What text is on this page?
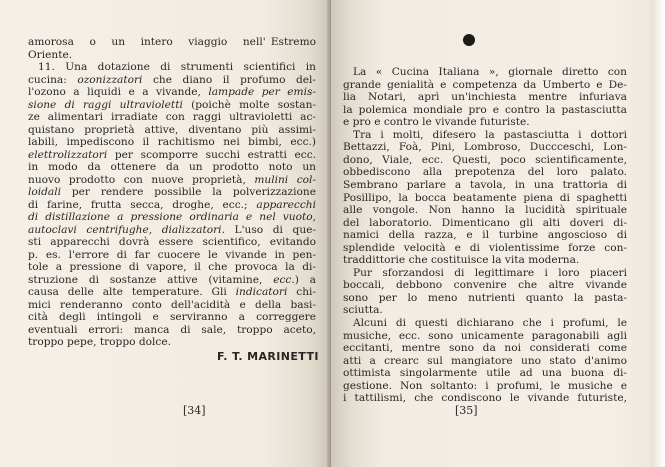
amorosa   o   un   intero   viaggio   nell' Estremo
Oriente.
11. Una dotazione di strumenti scientifici in
cucina: ozonizzatori che diano il profumo del-
l'ozono a liquidi e a vivande, lampade per emis-
sione di raggi ultravioletti (poichè molte sostan-
ze alimentari irradiate con raggi ultravioletti ac-
quistano proprietà attive, diventano più assimi-
labili, impediscono il rachitismo nei bimbi, ecc.)
elettrolizzatori per scomporre succhi estratti ecc.
in modo da ottenere da un prodotto noto un
nuovo prodotto con nuove proprietà, mulini col-
loidali per rendere possibile la polverizzazione
di farine, frutta secca, droghe, ecc.; apparecchi
di distillazione a pressione ordinaria e nel vuoto,
autoclavi centrifughe, dializzatori. L'uso di que-
sti apparecchi dovrà essere scientifico, evitando
p. es. l'errore di far cuocere le vivande in pen-
tole a pressione di vapore, il che provoca la di-
struzione di sostanze attive (vitamine, ecc.) a
causa delle alte temperature. Gli indicatori chi-
mici renderanno conto dell'acidità e della basi-
cità degli intingoli e serviranno a correggere
eventuali errori: manca di sale, troppo aceto,
troppo pepe, troppo dolce.
F. T. MARINETTI
[34]
La « Cucina Italiana », giornale diretto con
grande genialità e competenza da Umberto e De-
lia Notari, aprì un'inchiesta mentre infuriava
la polemica mondiale pro e contro la pastasciutta
e pro e contro le vivande futuriste.
Tra i molti, difesero la pastasciutta i dottori
Bettazzi, Foà, Pini, Lombroso, Duccceschi, Lon-
dono, Viale, ecc. Questi, poco scientificamente,
obbediscono alla prepotenza del loro palato.
Sembrano parlare a tavola, in una trattoria di
Posillipo, la bocca beatamente piena di spaghetti
alle vongole. Non hanno la lucidità spirituale
del laboratorio. Dimenticano gli alti doveri di-
namici della razza, e il turbine angoscioso di
splendide velocità e di violentissime forze con-
traddittorie che costituisce la vita moderna.
Pur sforzandosi di legittimare i loro piaceri
boccali, debbono convenire che altre vivande
sono per lo meno nutrienti quanto la pasta-
sciutta.
Alcuni di questi dichiarano che i profumi, le
musiche, ecc. sono unicamente paragonabili agli
eccitanti, mentre sono da noi considerati come
atti a crearc sul mangiatore uno stato d'animo
ottimista singolarmente utile ad una buona di-
gestione. Non soltanto: i profumi, le musiche e
i tattilismi, che condiscono le vivande futuriste,
[35]
